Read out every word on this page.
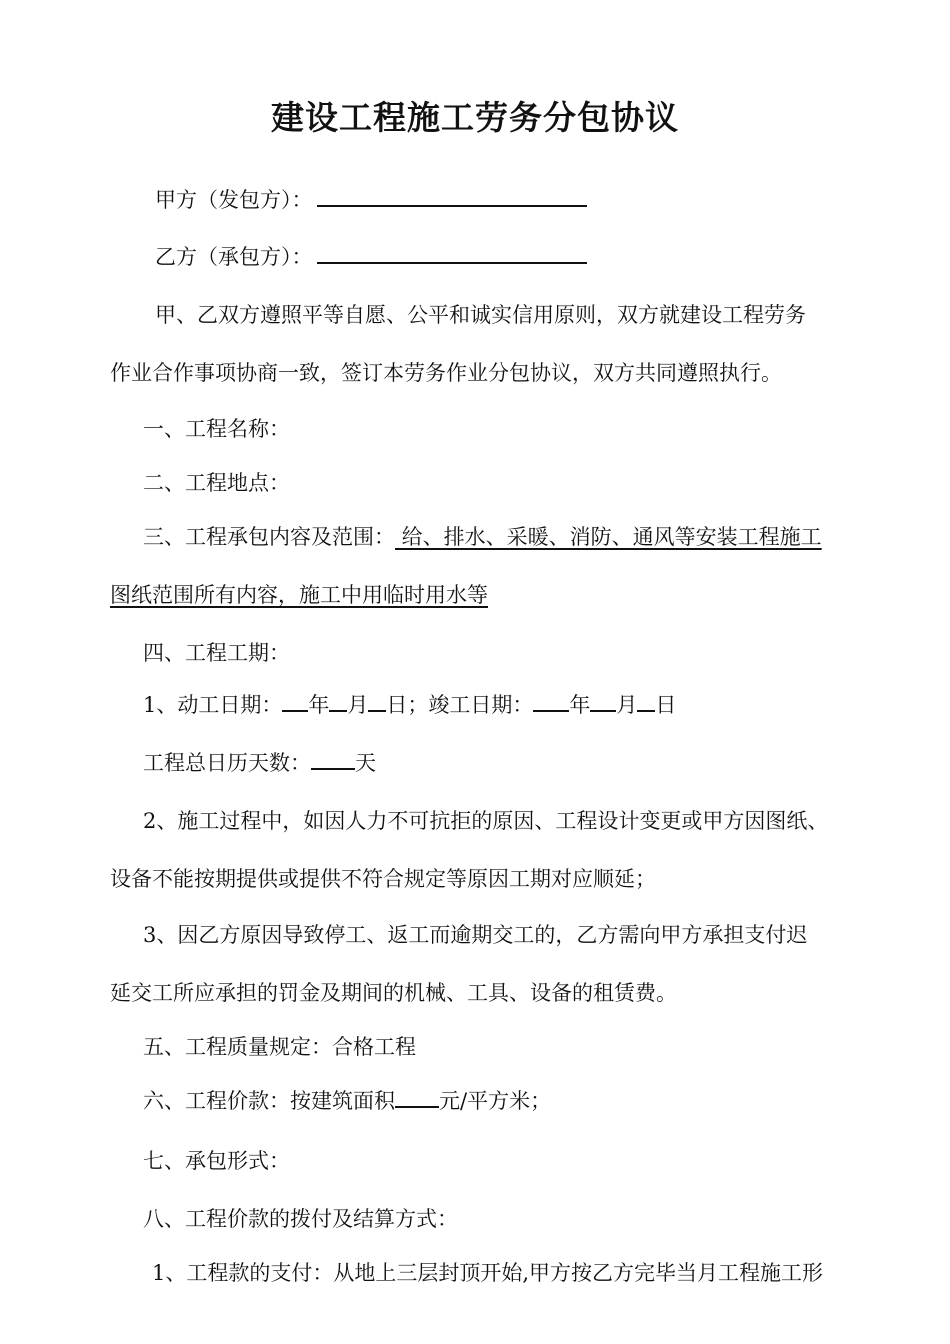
建设工程施工劳务分包协议
甲方（发包方）：
乙方（承包方）：
甲、乙双方遵照平等自愿、公平和诚实信用原则，双方就建设工程劳务
作业合作事项协商一致，签订本劳务作业分包协议，双方共同遵照执行。
一、工程名称：
二、工程地点：
三、工程承包内容及范围： 给、排水、采暖、消防、通风等安装工程施工
图纸范围所有内容，施工中用临时用水等
四、工程工期：
1、动工日期： 年 月 日；竣工日期： 年 月 日
工程总日历天数： 天
2、施工过程中，如因人力不可抗拒的原因、工程设计变更或甲方因图纸、
设备不能按期提供或提供不符合规定等原因工期对应顺延；
3、因乙方原因导致停工、返工而逾期交工的，乙方需向甲方承担支付迟
延交工所应承担的罚金及期间的机械、工具、设备的租赁费。
五、工程质量规定：合格工程
六、工程价款：按建筑面积 元/平方米；
七、承包形式：
八、工程价款的拨付及结算方式：
1、工程款的支付：从地上三层封顶开始,甲方按乙方完毕当月工程施工形
